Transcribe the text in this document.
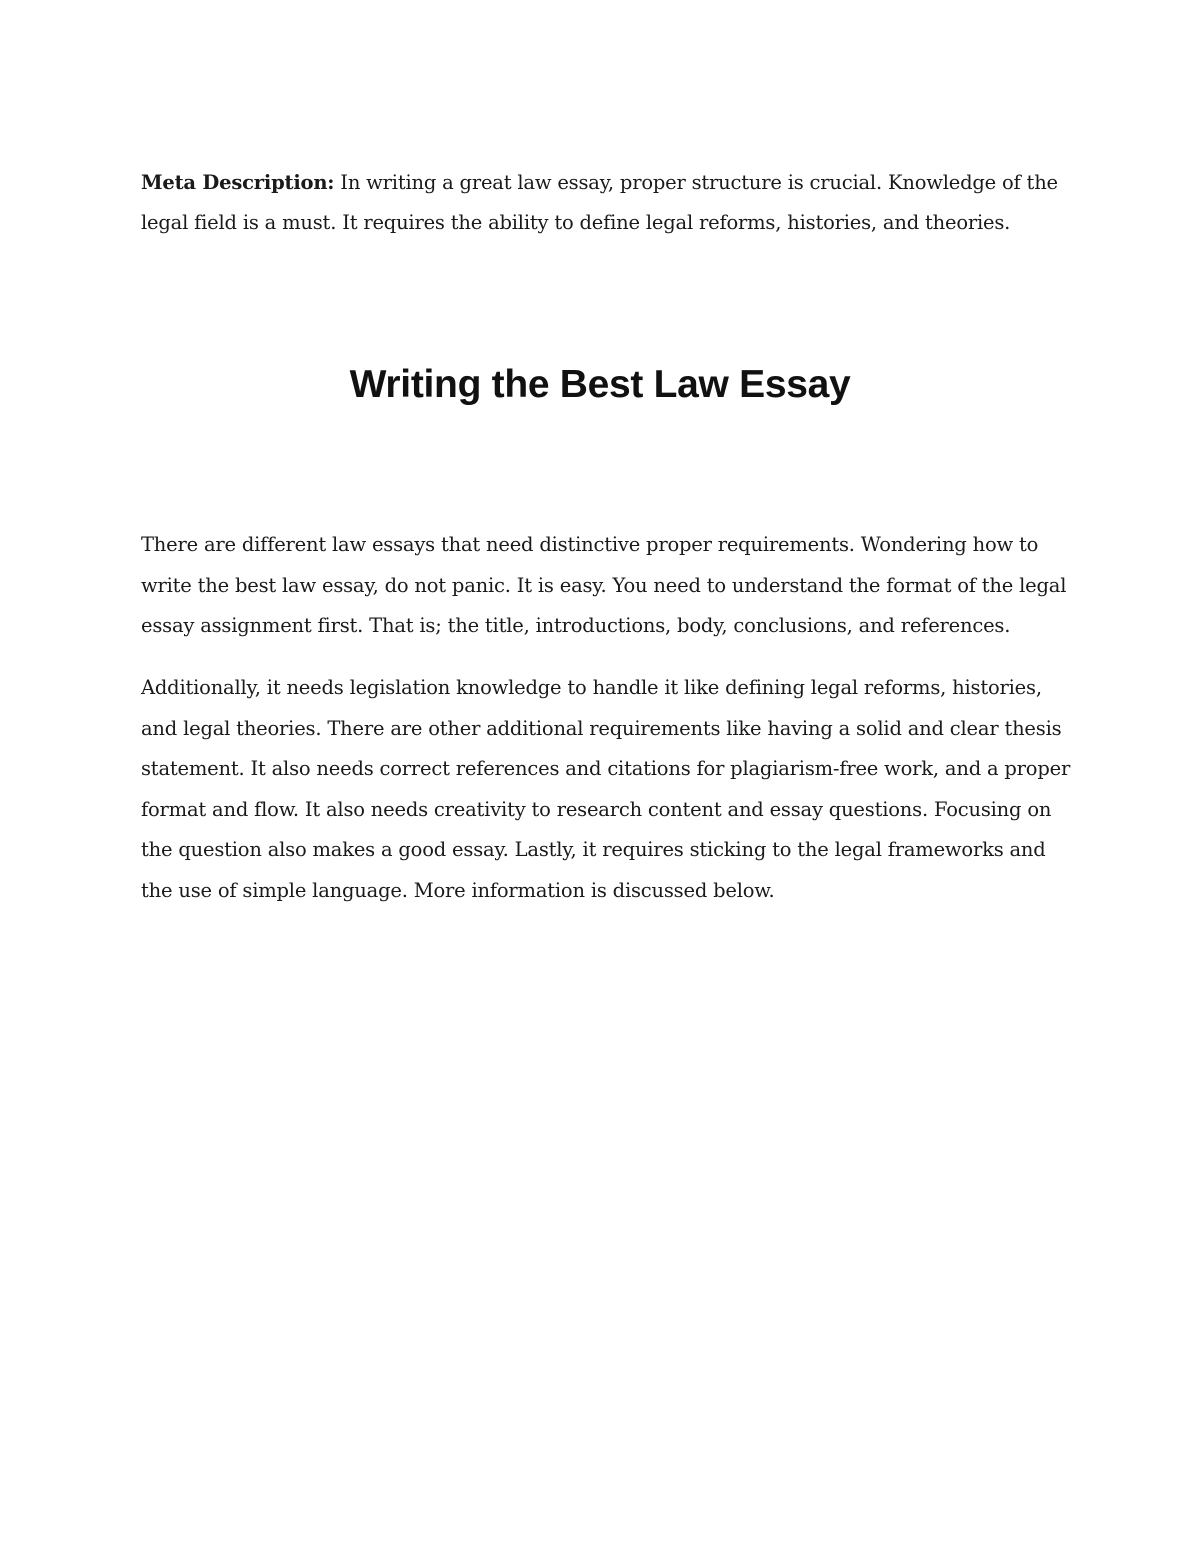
Meta Description: In writing a great law essay, proper structure is crucial. Knowledge of the legal field is a must. It requires the ability to define legal reforms, histories, and theories.

Writing the Best Law Essay

There are different law essays that need distinctive proper requirements. Wondering how to write the best law essay, do not panic. It is easy. You need to understand the format of the legal essay assignment first. That is; the title, introductions, body, conclusions, and references.

Additionally, it needs legislation knowledge to handle it like defining legal reforms, histories, and legal theories. There are other additional requirements like having a solid and clear thesis statement. It also needs correct references and citations for plagiarism-free work, and a proper format and flow. It also needs creativity to research content and essay questions. Focusing on the question also makes a good essay. Lastly, it requires sticking to the legal frameworks and the use of simple language. More information is discussed below.
